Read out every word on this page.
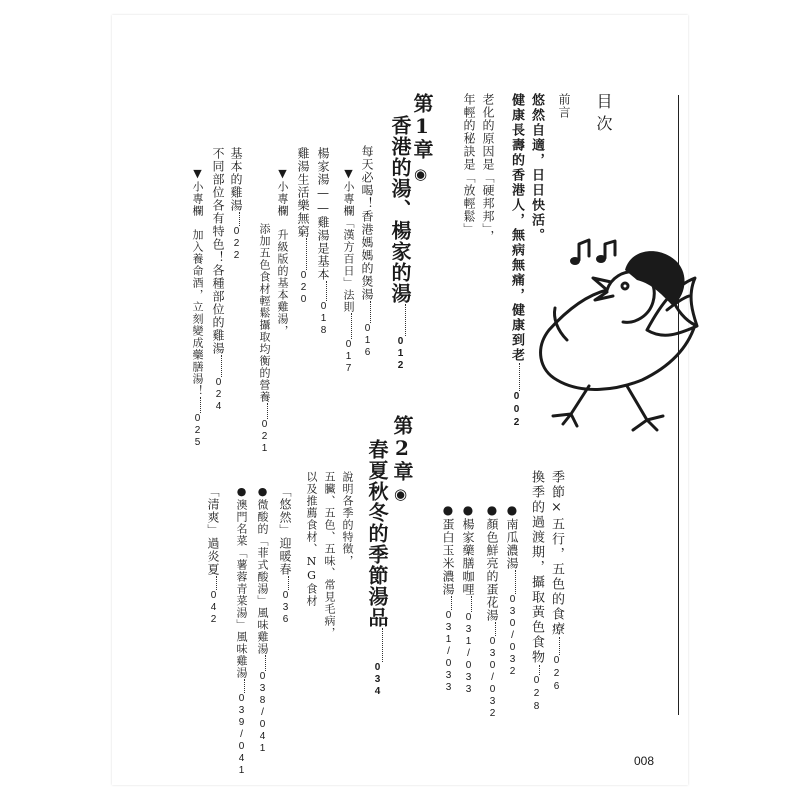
目次
前言
悠然自適，日日快活。
健康長壽的香港人，無病無痛，健康到老002
老化的原因是「硬邦邦」，
年輕的秘訣是「放輕鬆」
第1章
◉
香港的湯、楊家的湯012
每天必喝！香港媽媽的煲湯016
▼小專欄「漢方百日」法則017
楊家湯——雞湯是基本018
雞湯生活樂無窮020
▼小專欄　升級版的基本雞湯，
添加五色食材輕鬆攝取均衡的營養021
基本的雞湯022
不同部位各有特色！各種部位的雞湯024
▼小專欄　加入養命酒，立刻變成藥膳湯！025	第2章
◉
春夏秋冬的季節湯品034
說明各季的特徵，
五臟、五色、五味、常見毛病，
以及推薦食材、NG食材
「悠然」迎暖春036
●微酸的「菲式酸湯」風味雞湯038/041
●澳門名菜「薯蓉青菜湯」風味雞湯039/041
「清爽」過炎夏042	季節×五行，五色的食療026
換季的過渡期，攝取黃色食物028
●南瓜濃湯030/032
●顏色鮮亮的蛋花湯030/032
●楊家藥膳咖哩031/033
●蛋白玉米濃湯031/033
008
